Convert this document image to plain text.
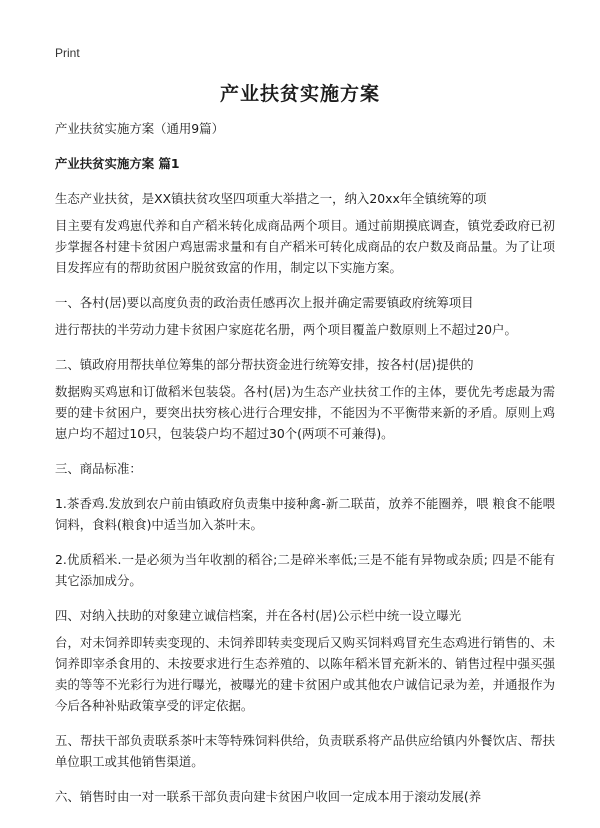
Print
产业扶贫实施方案

产业扶贫实施方案（通用9篇）

产业扶贫实施方案 篇1

生态产业扶贫，是XX镇扶贫攻坚四项重大举措之一，纳入20xx年全镇统筹的项

目主要有发鸡崽代养和自产稻米转化成商品两个项目。通过前期摸底调查，镇党委政府已初步掌握各村建卡贫困户鸡崽需求量和有自产稻米可转化成商品的农户数及商品量。为了让项目发挥应有的帮助贫困户脱贫致富的作用，制定以下实施方案。

一、各村(居)要以高度负责的政治责任感再次上报并确定需要镇政府统筹项目

进行帮扶的半劳动力建卡贫困户家庭花名册，两个项目覆盖户数原则上不超过20户。

二、镇政府用帮扶单位筹集的部分帮扶资金进行统筹安排，按各村(居)提供的

数据购买鸡崽和订做稻米包装袋。各村(居)为生态产业扶贫工作的主体，要优先考虑最为需要的建卡贫困户，要突出扶穷核心进行合理安排，不能因为不平衡带来新的矛盾。原则上鸡崽户均不超过10只，包装袋户均不超过30个(两项不可兼得)。

三、商品标准：

1.茶香鸡.发放到农户前由镇政府负责集中接种禽-新二联苗，放养不能圈养，喂 粮食不能喂饲料，食料(粮食)中适当加入茶叶末。

2.优质稻米.一是必须为当年收割的稻谷;二是碎米率低;三是不能有异物或杂质; 四是不能有其它添加成分。

四、对纳入扶助的对象建立诚信档案，并在各村(居)公示栏中统一设立曝光

台，对未饲养即转卖变现的、未饲养即转卖变现后又购买饲料鸡冒充生态鸡进行销售的、未饲养即宰杀食用的、未按要求进行生态养殖的、以陈年稻米冒充新米的、销售过程中强买强卖的等等不光彩行为进行曝光，被曝光的建卡贫困户或其他农户诚信记录为差，并通报作为今后各种补贴政策享受的评定依据。

五、帮扶干部负责联系茶叶末等特殊饲料供给，负责联系将产品供应给镇内外餐饮店、帮扶单位职工或其他销售渠道。

六、销售时由一对一联系干部负责向建卡贫困户收回一定成本用于滚动发展(养
